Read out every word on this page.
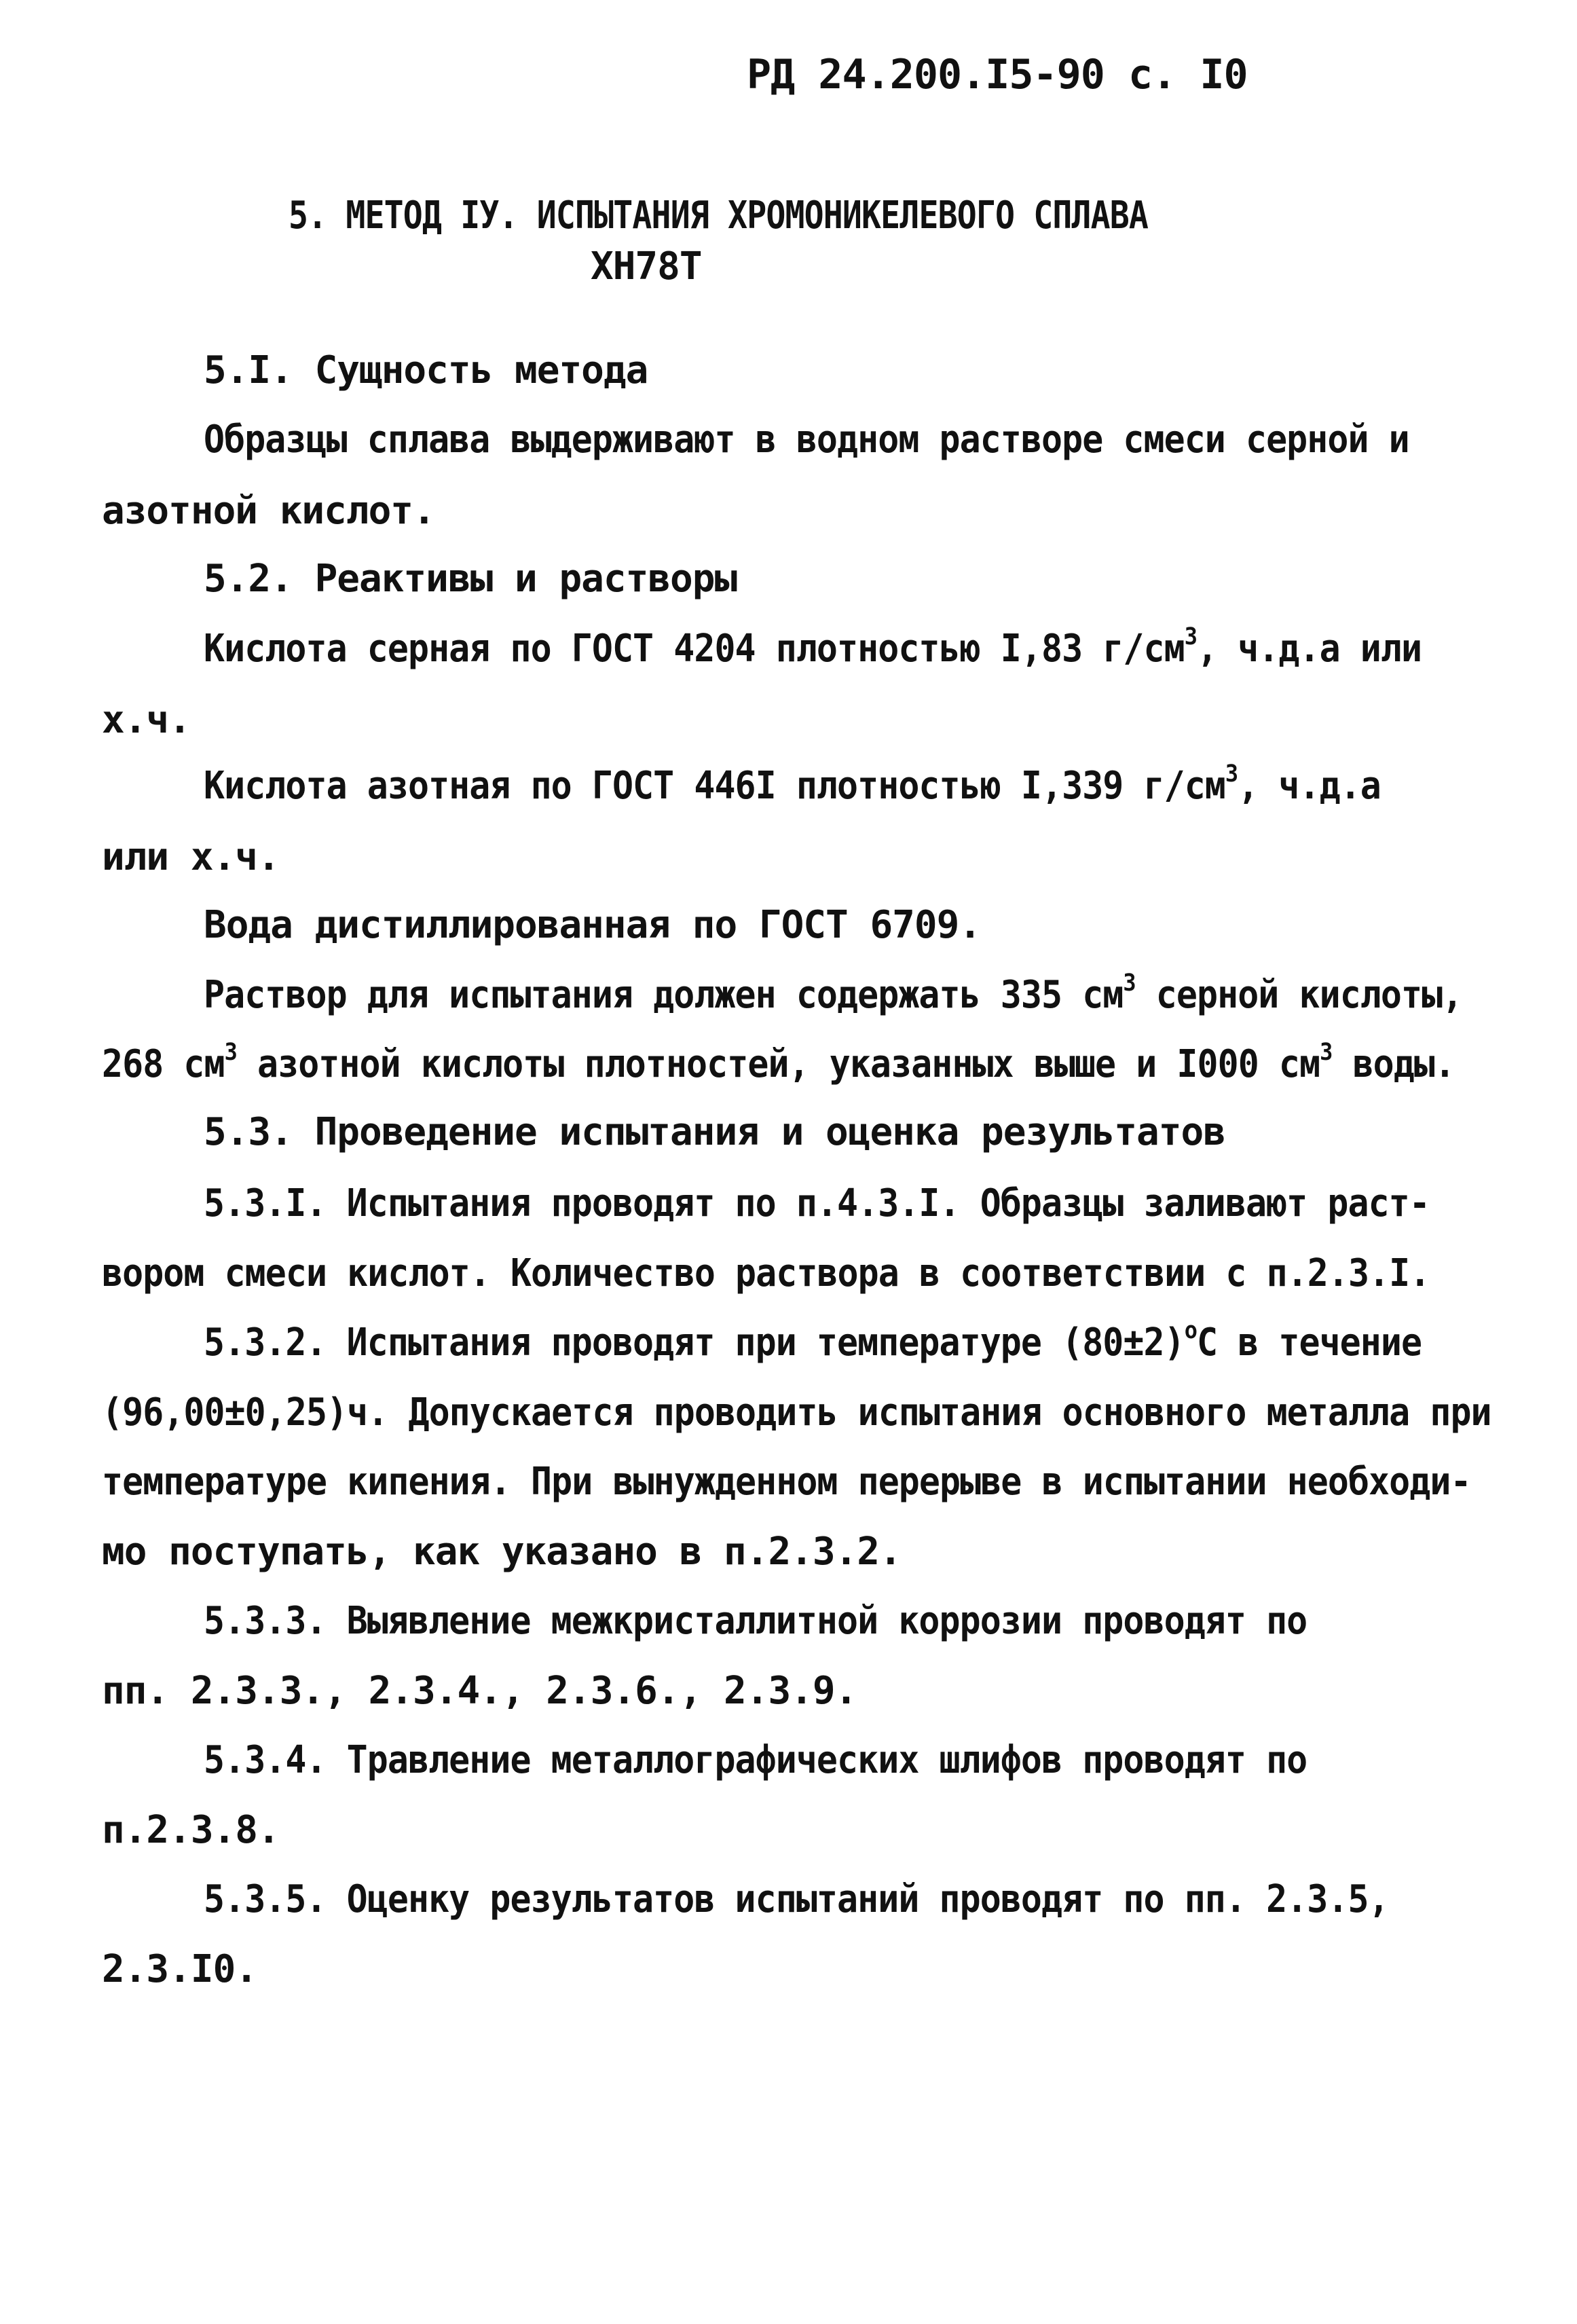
РД 24.200.I5-90 с. I0
5. МЕТОД IУ. ИСПЫТАНИЯ ХРОМОНИКЕЛЕВОГО СПЛАВА
ХН78Т
5.I. Сущность метода
Образцы сплава выдерживают в водном растворе смеси серной и
азотной кислот.
5.2. Реактивы и растворы
Кислота серная по ГОСТ 4204 плотностью I,83 $г/см^3$, ч.д.а или
х.ч.
Кислота азотная по ГОСТ 446I плотностью I,339 $г/см^3$, ч.д.а
или х.ч.
Вода дистиллированная по ГОСТ 6709.
Раствор для испытания должен содержать 335 $см^3$ серной кислоты,
268 $см^3$ азотной кислоты плотностей, указанных выше и I000 $см^3$ воды.
5.3. Проведение испытания и оценка результатов
5.3.I. Испытания проводят по п.4.3.I. Образцы заливают раст-
вором смеси кислот. Количество раствора в соответствии с п.2.3.I.
5.3.2. Испытания проводят при температуре $(80\pm 2)^оС$ в течение
(96,00±0,25)ч. Допускается проводить испытания основного металла при
температуре кипения. При вынужденном перерыве в испытании необходи-
мо поступать, как указано в п.2.3.2.
5.3.3. Выявление межкристаллитной коррозии проводят по
пп. 2.3.3., 2.3.4., 2.3.6., 2.3.9.
5.3.4. Травление металлографических шлифов проводят по
п.2.3.8.
5.3.5. Оценку результатов испытаний проводят по пп. 2.3.5,
2.3.I0.
